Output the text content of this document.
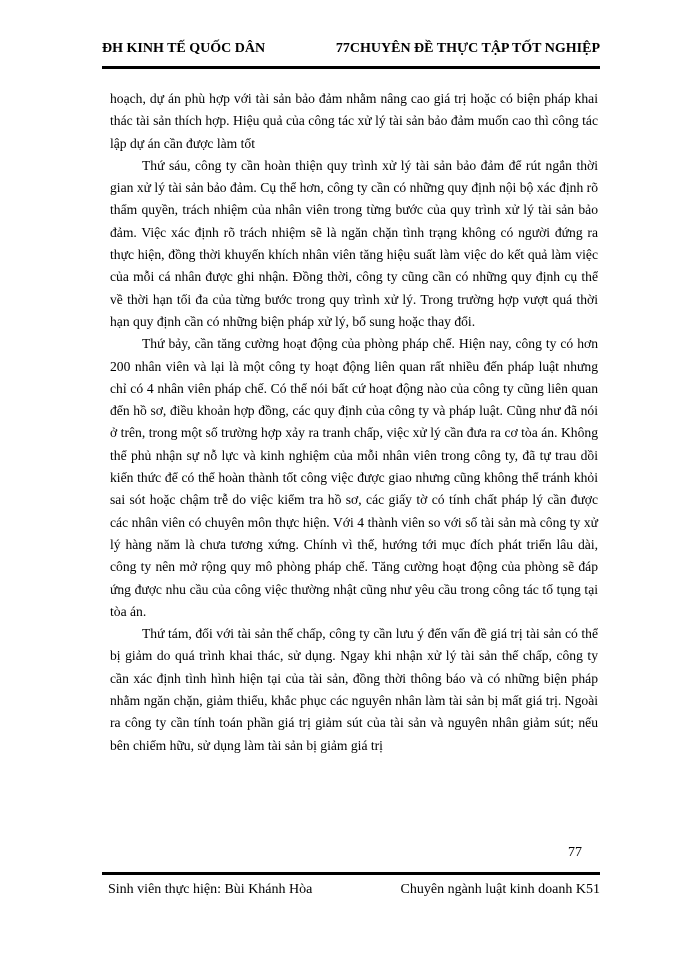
ĐH KINH TẾ QUỐC DÂN	77CHUYÊN ĐỀ THỰC TẬP TỐT NGHIỆP

hoạch, dự án phù hợp với tài sản bảo đảm nhằm nâng cao giá trị hoặc có biện pháp khai thác tài sản thích hợp. Hiệu quả của công tác xử lý tài sản bảo đảm muốn cao thì công tác lập dự án cần được làm tốt

Thứ sáu, công ty cần hoàn thiện quy trình xử lý tài sản bảo đảm để rút ngắn thời gian xử lý tài sản bảo đảm. Cụ thể hơn, công ty cần có những quy định nội bộ xác định rõ thẩm quyền, trách nhiệm của nhân viên trong từng bước của quy trình xử lý tài sản bảo đảm. Việc xác định rõ trách nhiệm sẽ là ngăn chặn tình trạng không có người đứng ra thực hiện, đồng thời khuyến khích nhân viên tăng hiệu suất làm việc do kết quả làm việc của mỗi cá nhân được ghi nhận. Đồng thời, công ty cũng cần có những quy định cụ thể về thời hạn tối đa của từng bước trong quy trình xử lý. Trong trường hợp vượt quá thời hạn quy định cần có những biện pháp xử lý, bổ sung hoặc thay đổi.

Thứ bảy, cần tăng cường hoạt động của phòng pháp chế. Hiện nay, công ty có hơn 200 nhân viên và lại là một công ty hoạt động liên quan rất nhiều đến pháp luật nhưng chỉ có 4 nhân viên pháp chế. Có thể nói bất cứ hoạt động nào của công ty cũng liên quan đến hồ sơ, điều khoản hợp đồng, các quy định của công ty và pháp luật. Cũng như đã nói ở trên, trong một số trường hợp xảy ra tranh chấp, việc xử lý cần đưa ra cơ tòa án. Không thể phủ nhận sự nỗ lực và kinh nghiệm của mỗi nhân viên trong công ty, đã tự trau dồi kiến thức để có thể hoàn thành tốt công việc được giao nhưng cũng không thể tránh khỏi sai sót hoặc chậm trễ do việc kiểm tra hồ sơ, các giấy tờ có tính chất pháp lý cần được các nhân viên có chuyên môn thực hiện. Với 4 thành viên so với số tài sản mà công ty xử lý hàng năm là chưa tương xứng. Chính vì thế, hướng tới mục đích phát triển lâu dài, công ty nên mở rộng quy mô phòng pháp chế. Tăng cường hoạt động của phòng sẽ đáp ứng được nhu cầu của công việc thường nhật cũng như yêu cầu trong công tác tố tụng tại tòa án.

Thứ tám, đối với tài sản thế chấp, công ty cần lưu ý đến vấn đề giá trị tài sản có thể bị giảm do quá trình khai thác, sử dụng. Ngay khi nhận xử lý tài sản thế chấp, công ty cần xác định tình hình hiện tại của tài sản, đồng thời thông báo và có những biện pháp nhằm ngăn chặn, giảm thiểu, khắc phục các nguyên nhân làm tài sản bị mất giá trị. Ngoài ra công ty cần tính toán phần giá trị giảm sút của tài sản và nguyên nhân giảm sút; nếu bên chiếm hữu, sử dụng làm tài sản bị giảm giá trị

77
Sinh viên thực hiện: Bùi Khánh Hòa	Chuyên ngành luật kinh doanh K51
